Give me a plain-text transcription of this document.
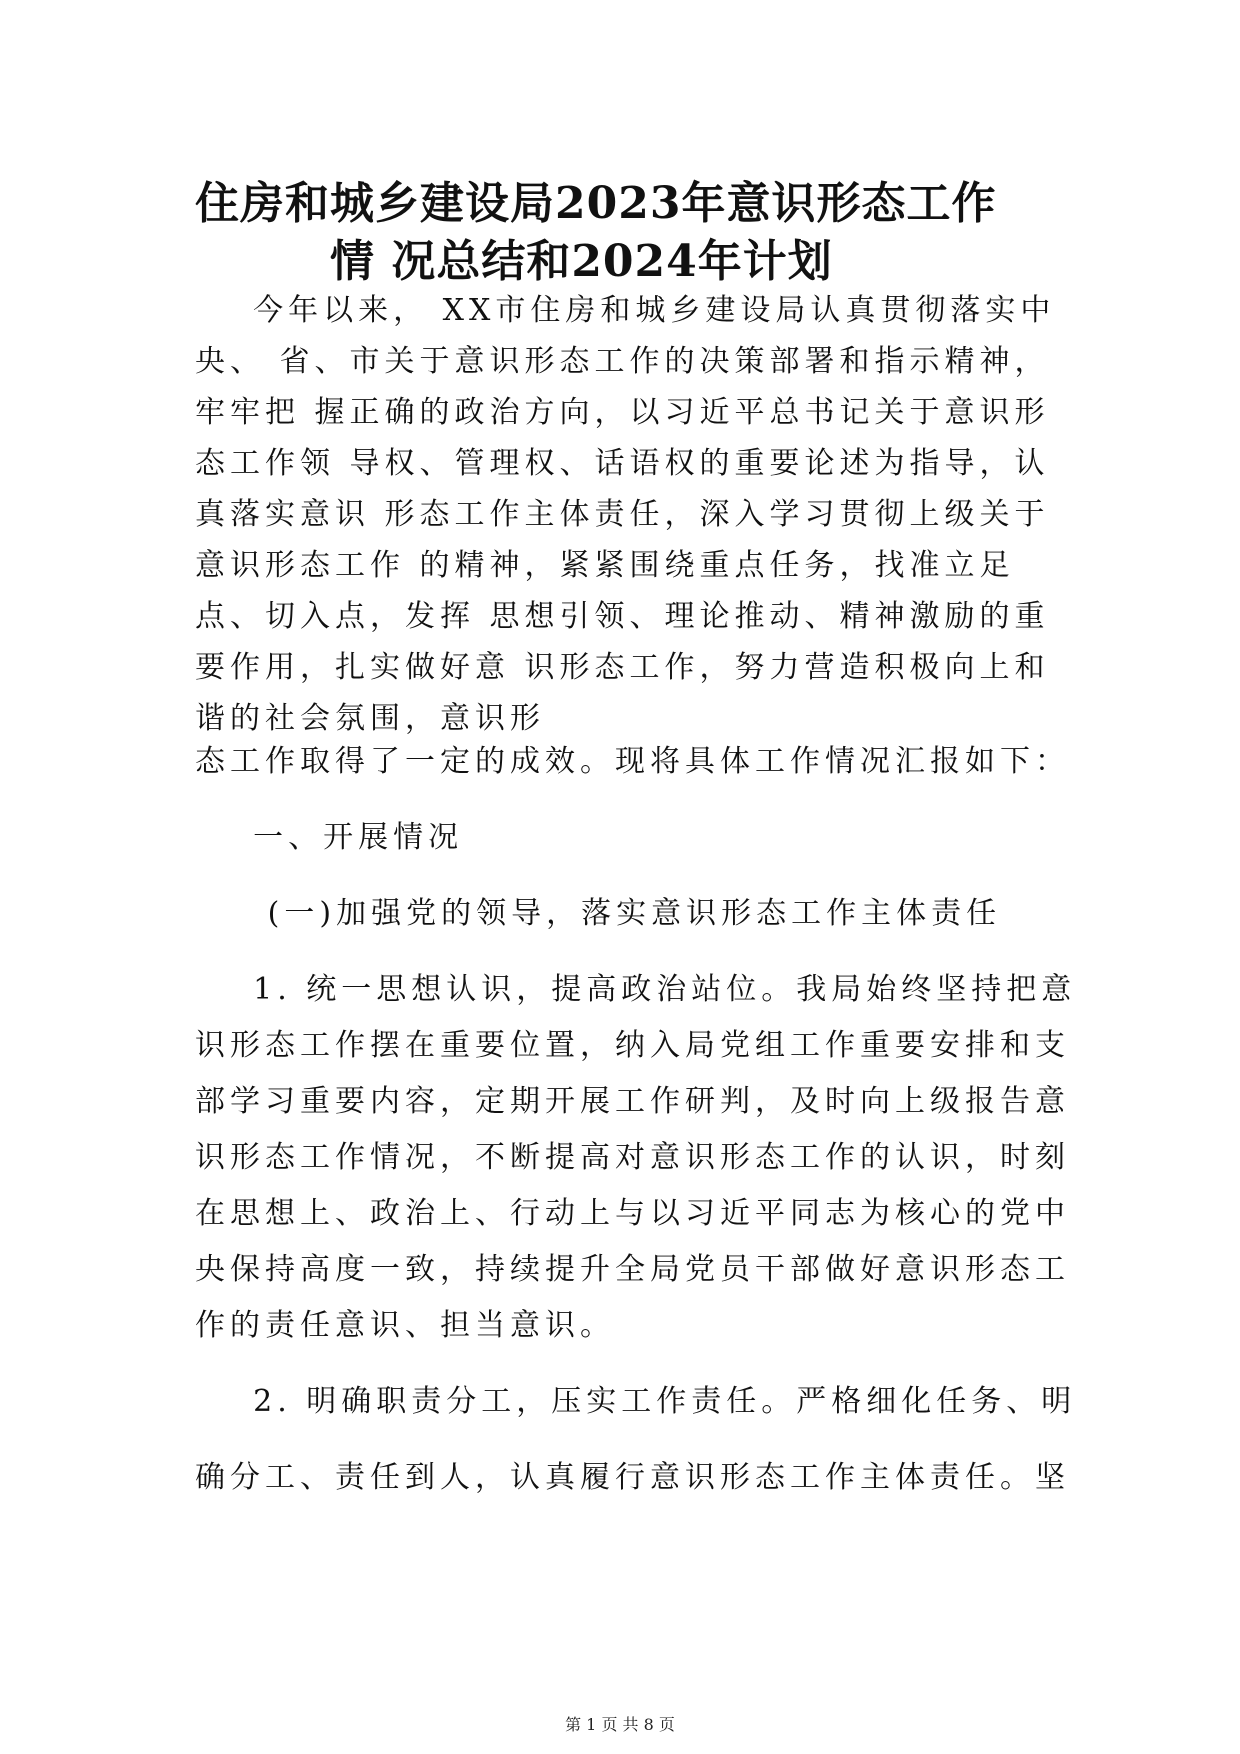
住房和城乡建设局2023年意识形态工作
情 况总结和2024年计划
今年以来， XX市住房和城乡建设局认真贯彻落实中
央、 省、市关于意识形态工作的决策部署和指示精神，
牢牢把 握正确的政治方向，以习近平总书记关于意识形
态工作领 导权、管理权、话语权的重要论述为指导，认
真落实意识 形态工作主体责任，深入学习贯彻上级关于
意识形态工作 的精神，紧紧围绕重点任务，找准立足
点、切入点，发挥 思想引领、理论推动、精神激励的重
要作用，扎实做好意 识形态工作，努力营造积极向上和
谐的社会氛围，意识形
态工作取得了一定的成效。现将具体工作情况汇报如下：
一、开展情况
(一)加强党的领导，落实意识形态工作主体责任
1. 统一思想认识，提高政治站位。我局始终坚持把意
识形态工作摆在重要位置，纳入局党组工作重要安排和支
部学习重要内容，定期开展工作研判，及时向上级报告意
识形态工作情况，不断提高对意识形态工作的认识，时刻
在思想上、政治上、行动上与以习近平同志为核心的党中
央保持高度一致，持续提升全局党员干部做好意识形态工
作的责任意识、担当意识。
2. 明确职责分工，压实工作责任。严格细化任务、明
确分工、责任到人，认真履行意识形态工作主体责任。坚
第 1 页 共 8 页
